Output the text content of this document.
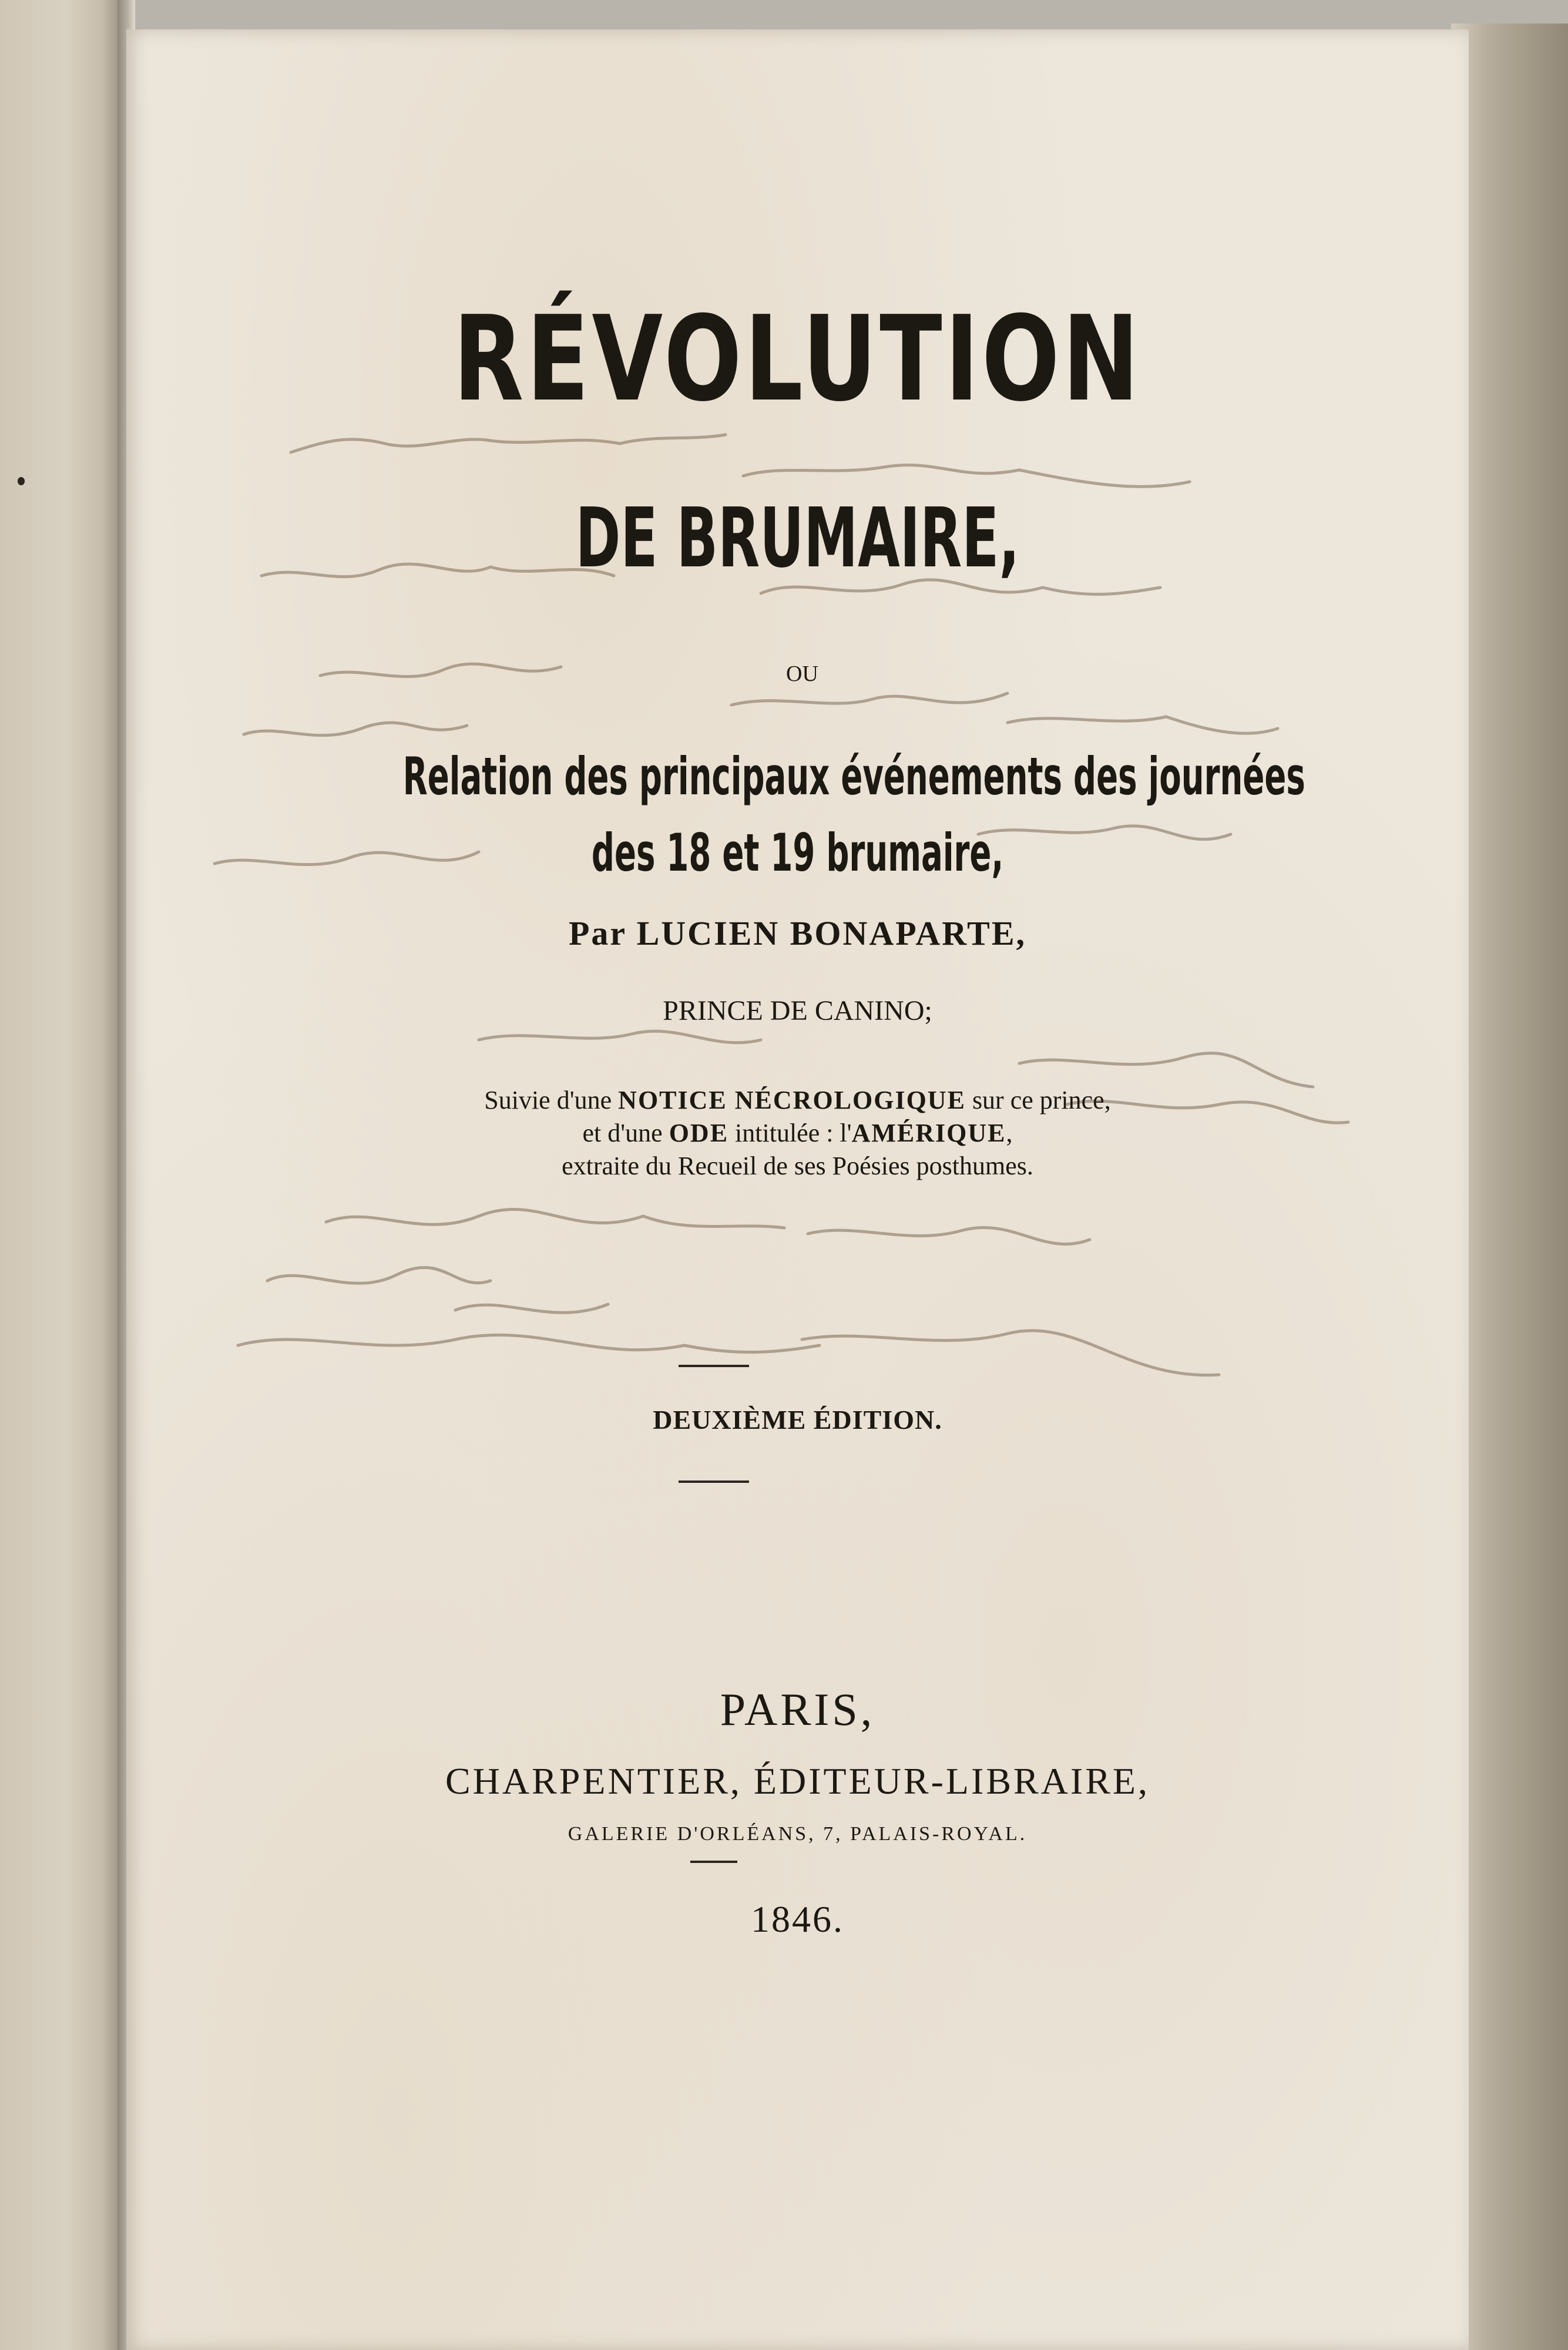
RÉVOLUTION

DE BRUMAIRE,

OU

Relation des principaux événements des journées

des 18 et 19 brumaire,

Par LUCIEN BONAPARTE,

PRINCE DE CANINO;

Suivie d'une NOTICE NÉCROLOGIQUE sur ce prince,
et d'une ODE intitulée : l'AMÉRIQUE,
extraite du Recueil de ses Poésies posthumes.

DEUXIÈME ÉDITION.

PARIS,

CHARPENTIER, ÉDITEUR-LIBRAIRE,

GALERIE D'ORLÉANS, 7, PALAIS-ROYAL.

1846.
